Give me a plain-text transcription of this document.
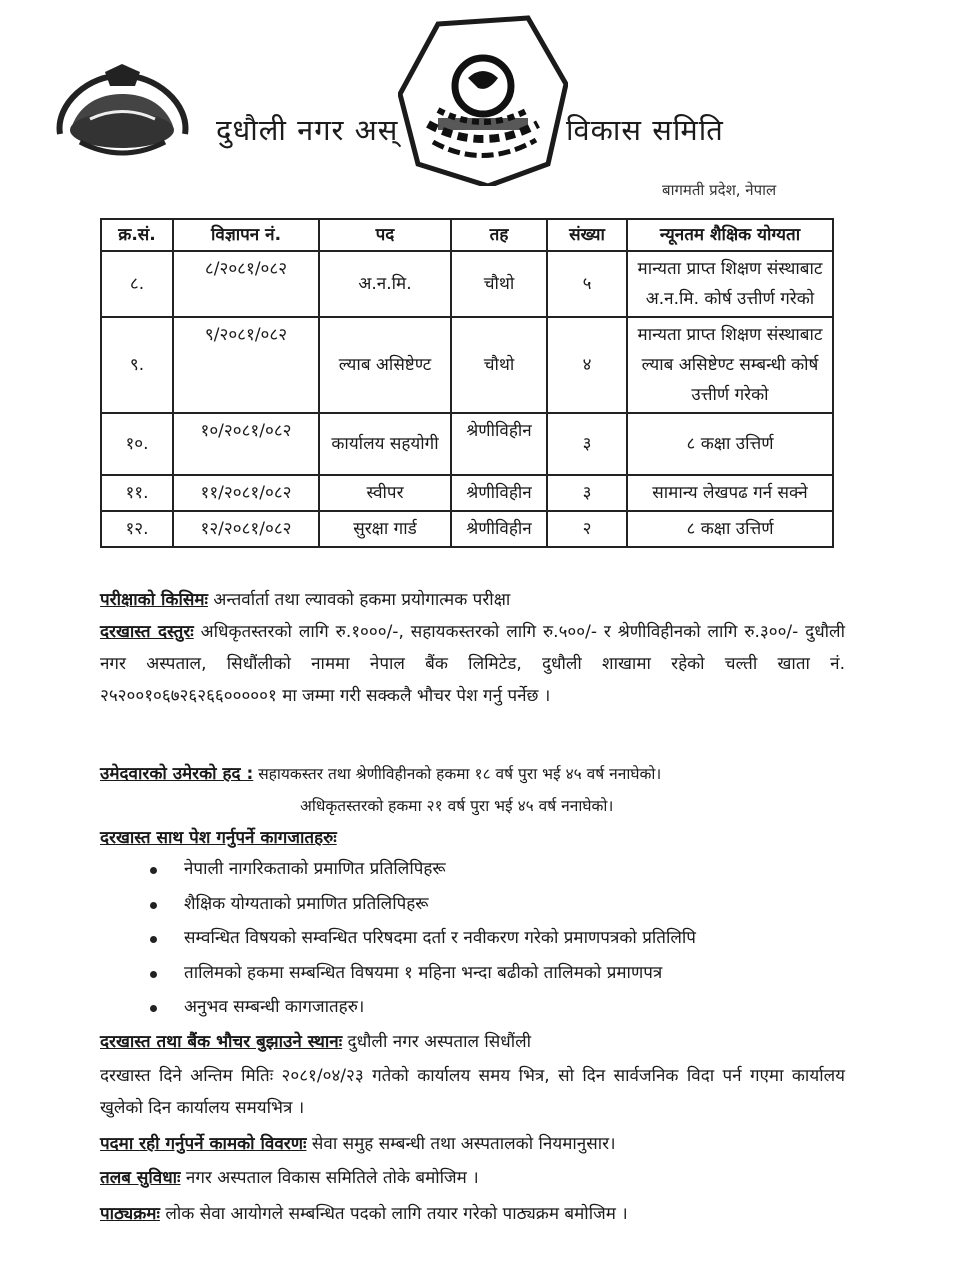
दुधौली नगर अस्	विकास समिति
बागमती प्रदेश, नेपाल
क्र.सं.	विज्ञापन नं.	पद	तह	संख्या	न्यूनतम शैक्षिक योग्यता
८.	८/२०८१/०८२	अ.न.मि.	चौथो	५	मान्यता प्राप्त शिक्षण संस्थाबाट अ.न.मि. कोर्ष उत्तीर्ण गरेको
९.	९/२०८१/०८२	ल्याब असिष्टेण्ट	चौथो	४	मान्यता प्राप्त शिक्षण संस्थाबाट ल्याब असिष्टेण्ट सम्बन्धी कोर्ष उत्तीर्ण गरेको
१०.	१०/२०८१/०८२	कार्यालय सहयोगी	श्रेणीविहीन	३	८ कक्षा उत्तिर्ण
११.	११/२०८१/०८२	स्वीपर	श्रेणीविहीन	३	सामान्य लेखपढ गर्न सक्ने
१२.	१२/२०८१/०८२	सुरक्षा गार्ड	श्रेणीविहीन	२	८ कक्षा उत्तिर्ण
परीक्षाको किसिमः अन्तर्वार्ता तथा ल्यावको हकमा प्रयोगात्मक परीक्षा
दरखास्त दस्तुरः अधिकृतस्तरको लागि रु.१०००/-, सहायकस्तरको लागि रु.५००/- र श्रेणीविहीनको लागि रु.३००/- दुधौली नगर अस्पताल, सिधौंलीको नाममा नेपाल बैंक लिमिटेड, दुधौली शाखामा रहेको चल्ती खाता नं. २५२००१०६७२६२६६०००००१ मा जम्मा गरी सक्कलै भौचर पेश गर्नु पर्नेछ ।
उमेदवारको उमेरको हद : सहायकस्तर तथा श्रेणीविहीनको हकमा १८ वर्ष पुरा भई ४५ वर्ष ननाघेको।
अधिकृतस्तरको हकमा २१ वर्ष पुरा भई ४५ वर्ष ननाघेको।
दरखास्त साथ पेश गर्नुपर्ने कागजातहरुः
नेपाली नागरिकताको प्रमाणित प्रतिलिपिहरू
शैक्षिक योग्यताको प्रमाणित प्रतिलिपिहरू
सम्वन्धित विषयको सम्वन्धित परिषदमा दर्ता र नवीकरण गरेको प्रमाणपत्रको प्रतिलिपि
तालिमको हकमा सम्बन्धित विषयमा १ महिना भन्दा बढीको तालिमको प्रमाणपत्र
अनुभव सम्बन्धी कागजातहरु।
दरखास्त तथा बैंक भौचर बुझाउने स्थानः दुधौली नगर अस्पताल सिधौंली
दरखास्त दिने अन्तिम मितिः २०८१/०४/२३ गतेको कार्यालय समय भित्र, सो दिन सार्वजनिक विदा पर्न गएमा कार्यालय खुलेको दिन कार्यालय समयभित्र ।
पदमा रही गर्नुपर्ने कामको विवरणः सेवा समुह सम्बन्धी तथा अस्पतालको नियमानुसार।
तलब सुविधाः नगर अस्पताल विकास समितिले तोके बमोजिम ।
पाठ्यक्रमः लोक सेवा आयोगले सम्बन्धित पदको लागि तयार गरेको पाठ्यक्रम बमोजिम ।
